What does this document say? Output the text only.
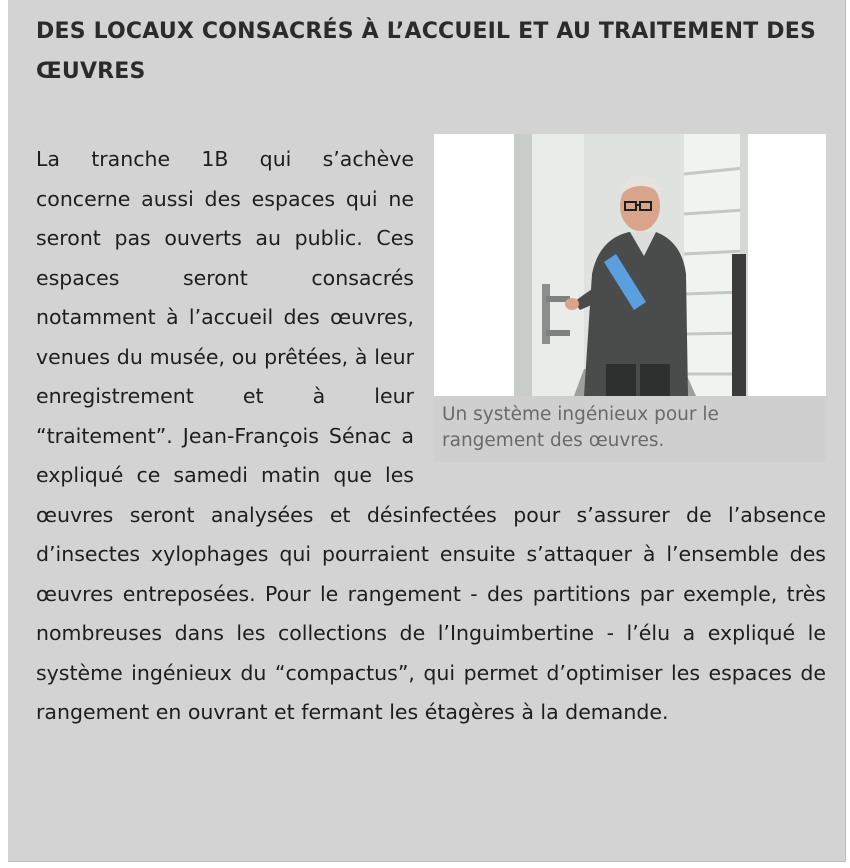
DES LOCAUX CONSACRÉS À L’ACCUEIL ET AU TRAITEMENT DES ŒUVRES
Un système ingénieux pour le rangement des œuvres.
La tranche 1B qui s’achève concerne aussi des espaces qui ne seront pas ouverts au public. Ces espaces seront consacrés notamment à l’accueil des œuvres, venues du musée, ou prêtées, à leur enregistrement et à leur “traitement”. Jean-François Sénac a expliqué ce samedi matin que les œuvres seront analysées et désinfectées pour s’assurer de l’absence d’insectes xylophages qui pourraient ensuite s’attaquer à l’ensemble des œuvres entreposées. Pour le rangement - des partitions par exemple, très nombreuses dans les collections de l’Inguimbertine - l’élu a expliqué le système ingénieux du “compactus”, qui permet d’optimiser les espaces de rangement en ouvrant et fermant les étagères à la demande.
